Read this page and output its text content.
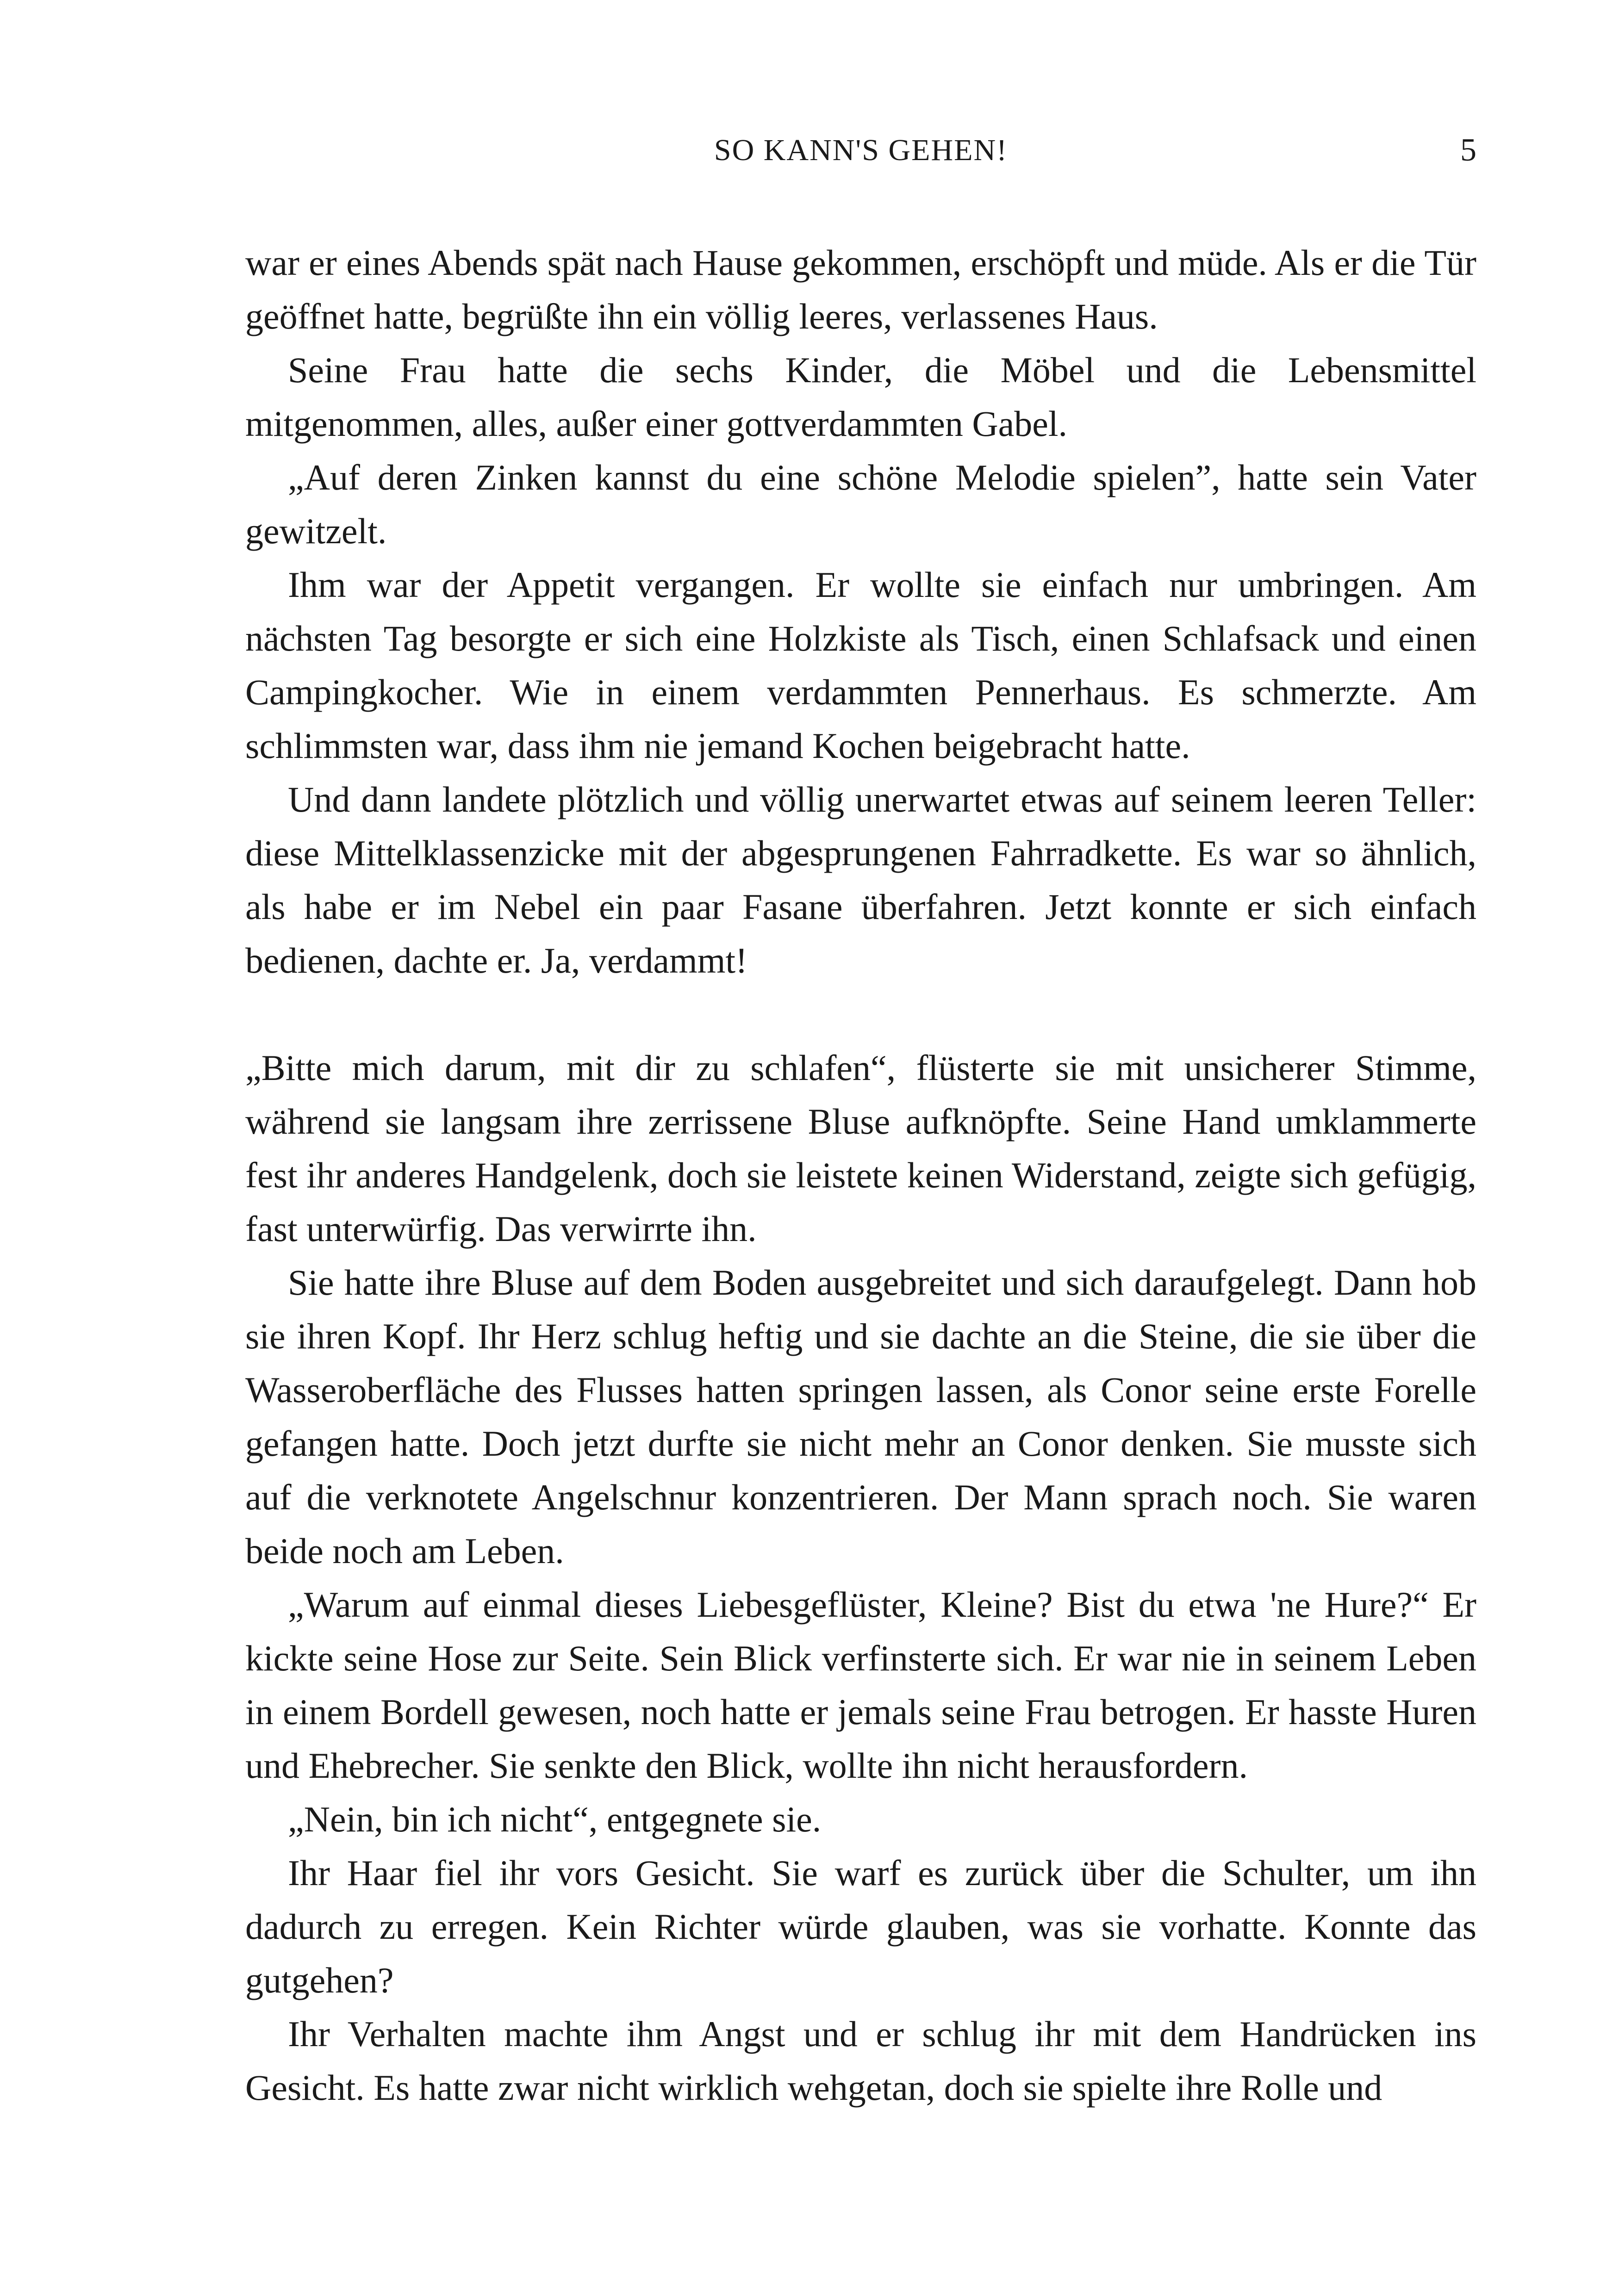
SO KANN'S GEHEN!	5

war er eines Abends spät nach Hause gekommen, erschöpft und müde. Als er die Tür geöffnet hatte, begrüßte ihn ein völlig leeres, verlassenes Haus.

Seine Frau hatte die sechs Kinder, die Möbel und die Lebensmittel mitgenommen, alles, außer einer gottverdammten Gabel.

„Auf deren Zinken kannst du eine schöne Melodie spielen”, hatte sein Vater gewitzelt.

Ihm war der Appetit vergangen. Er wollte sie einfach nur umbringen. Am nächsten Tag besorgte er sich eine Holzkiste als Tisch, einen Schlafsack und einen Campingkocher. Wie in einem verdammten Pennerhaus. Es schmerzte. Am schlimmsten war, dass ihm nie jemand Kochen beigebracht hatte.

Und dann landete plötzlich und völlig unerwartet etwas auf seinem leeren Teller: diese Mittelklassenzicke mit der abgesprungenen Fahrradkette. Es war so ähnlich, als habe er im Nebel ein paar Fasane überfahren. Jetzt konnte er sich einfach bedienen, dachte er. Ja, verdammt!

„Bitte mich darum, mit dir zu schlafen“, flüsterte sie mit unsicherer Stimme, während sie langsam ihre zerrissene Bluse aufknöpfte. Seine Hand umklammerte fest ihr anderes Handgelenk, doch sie leistete keinen Widerstand, zeigte sich gefügig, fast unterwürfig. Das verwirrte ihn.

Sie hatte ihre Bluse auf dem Boden ausgebreitet und sich daraufgelegt. Dann hob sie ihren Kopf. Ihr Herz schlug heftig und sie dachte an die Steine, die sie über die Wasseroberfläche des Flusses hatten springen lassen, als Conor seine erste Forelle gefangen hatte. Doch jetzt durfte sie nicht mehr an Conor denken. Sie musste sich auf die verknotete Angelschnur konzentrieren. Der Mann sprach noch. Sie waren beide noch am Leben.

„Warum auf einmal dieses Liebesgeflüster, Kleine? Bist du etwa 'ne Hure?“ Er kickte seine Hose zur Seite. Sein Blick verfinsterte sich. Er war nie in seinem Leben in einem Bordell gewesen, noch hatte er jemals seine Frau betrogen. Er hasste Huren und Ehebrecher. Sie senkte den Blick, wollte ihn nicht herausfordern.

„Nein, bin ich nicht“, entgegnete sie.

Ihr Haar fiel ihr vors Gesicht. Sie warf es zurück über die Schulter, um ihn dadurch zu erregen. Kein Richter würde glauben, was sie vorhatte. Konnte das gutgehen?

Ihr Verhalten machte ihm Angst und er schlug ihr mit dem Handrücken ins Gesicht. Es hatte zwar nicht wirklich wehgetan, doch sie spielte ihre Rolle und
